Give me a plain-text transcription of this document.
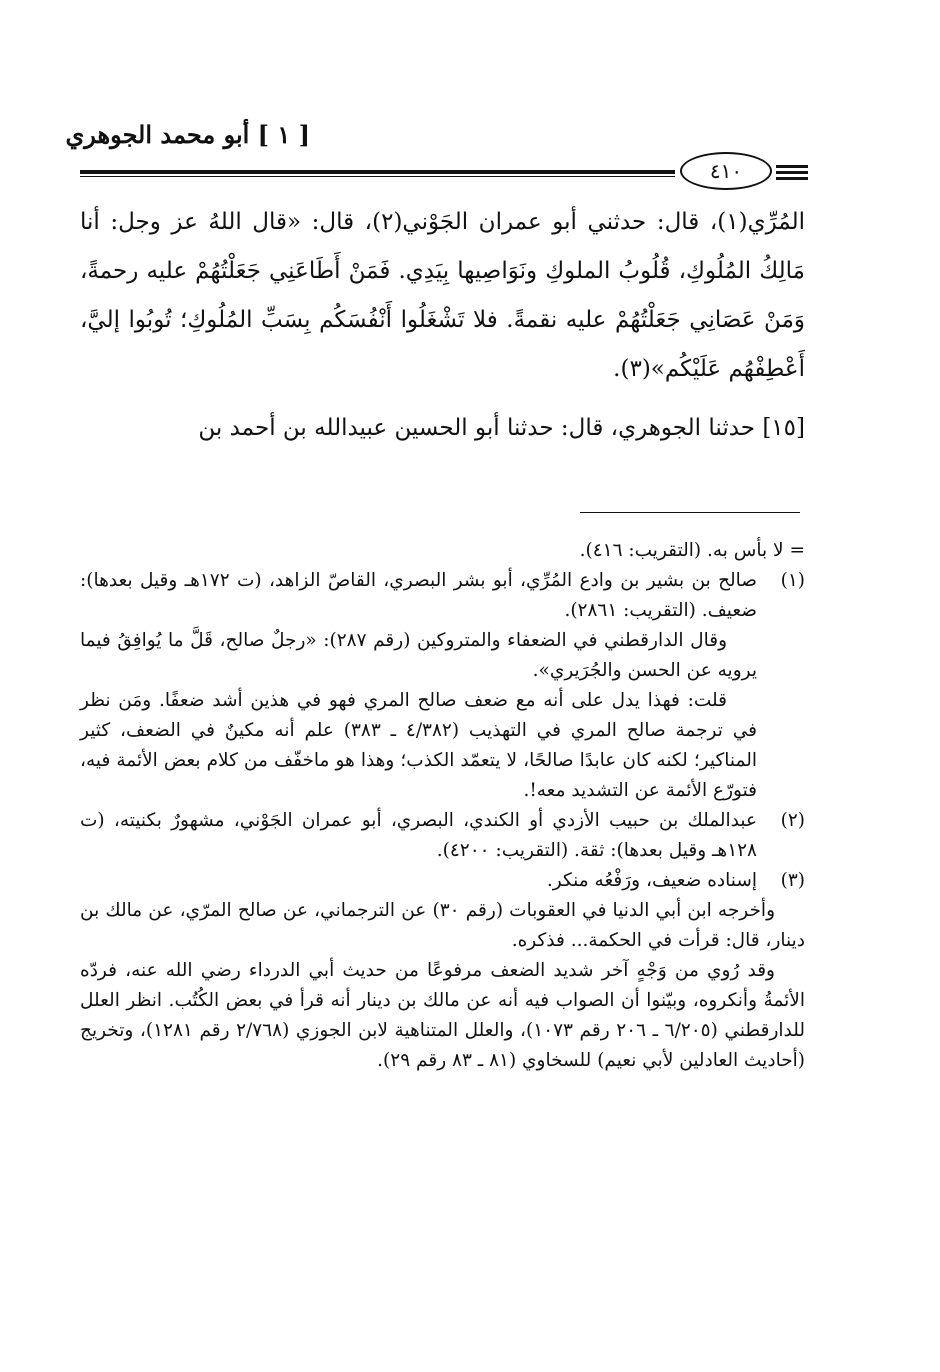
[ ١ ] أبو محمد الجوهري
٤١٠

المُرِّي(١)، قال: حدثني أبو عمران الجَوْني(٢)، قال: «قال اللهُ عز وجل: أنا مَالِكُ المُلُوكِ، قُلُوبُ الملوكِ ونَوَاصِيها بِيَدِي. فَمَنْ أَطَاعَنِي جَعَلْتُهُمْ عليه رحمةً، وَمَنْ عَصَانِي جَعَلْتُهُمْ عليه نقمةً. فلا تَشْغَلُوا أَنْفُسَكُم بِسَبِّ المُلُوكِ؛ تُوبُوا إليَّ، أَعْطِفْهُم عَلَيْكُم»(٣).

[١٥] حدثنا الجوهري، قال: حدثنا أبو الحسين عبيدالله بن أحمد بن

= لا بأس به. (التقريب: ٤١٦).

(١)

صالح بن بشير بن وادع المُرِّي، أبو بشر البصري، القاصّ الزاهد، (ت ١٧٢هـ وقيل بعدها): ضعيف. (التقريب: ٢٨٦١).

وقال الدارقطني في الضعفاء والمتروكين (رقم ٢٨٧): «رجلٌ صالح، قَلَّ ما يُوافِقُ فيما يرويه عن الحسن والجُرَيري».

قلت: فهذا يدل على أنه مع ضعف صالح المري فهو في هذين أشد ضعفًا. ومَن نظر في ترجمة صالح المري في التهذيب (٤/٣٨٢ ـ ٣٨٣) علم أنه مكينٌ في الضعف، كثير المناكير؛ لكنه كان عابدًا صالحًا، لا يتعمّد الكذب؛ وهذا هو ماخفّف من كلام بعض الأئمة فيه، فتورّع الأئمة عن التشديد معه!.

(٢)

عبدالملك بن حبيب الأزدي أو الكندي، البصري، أبو عمران الجَوْني، مشهورٌ بكنيته، (ت ١٢٨هـ وقيل بعدها): ثقة. (التقريب: ٤٢٠٠).

(٣)

إسناده ضعيف، ورَفْعُه منكر.

وأخرجه ابن أبي الدنيا في العقوبات (رقم ٣٠) عن الترجماني، عن صالح المرّي، عن مالك بن دينار، قال: قرأت في الحكمة... فذكره.

وقد رُوي من وَجْهٍ آخر شديد الضعف مرفوعًا من حديث أبي الدرداء رضي الله عنه، فردّه الأئمةُ وأنكروه، وبيّنوا أن الصواب فيه أنه عن مالك بن دينار أنه قرأ في بعض الكُتُب. انظر العلل للدارقطني (٦/٢٠٥ ـ ٢٠٦ رقم ١٠٧٣)، والعلل المتناهية لابن الجوزي (٢/٧٦٨ رقم ١٢٨١)، وتخريج (أحاديث العادلين لأبي نعيم) للسخاوي (٨١ ـ ٨٣ رقم ٢٩).
